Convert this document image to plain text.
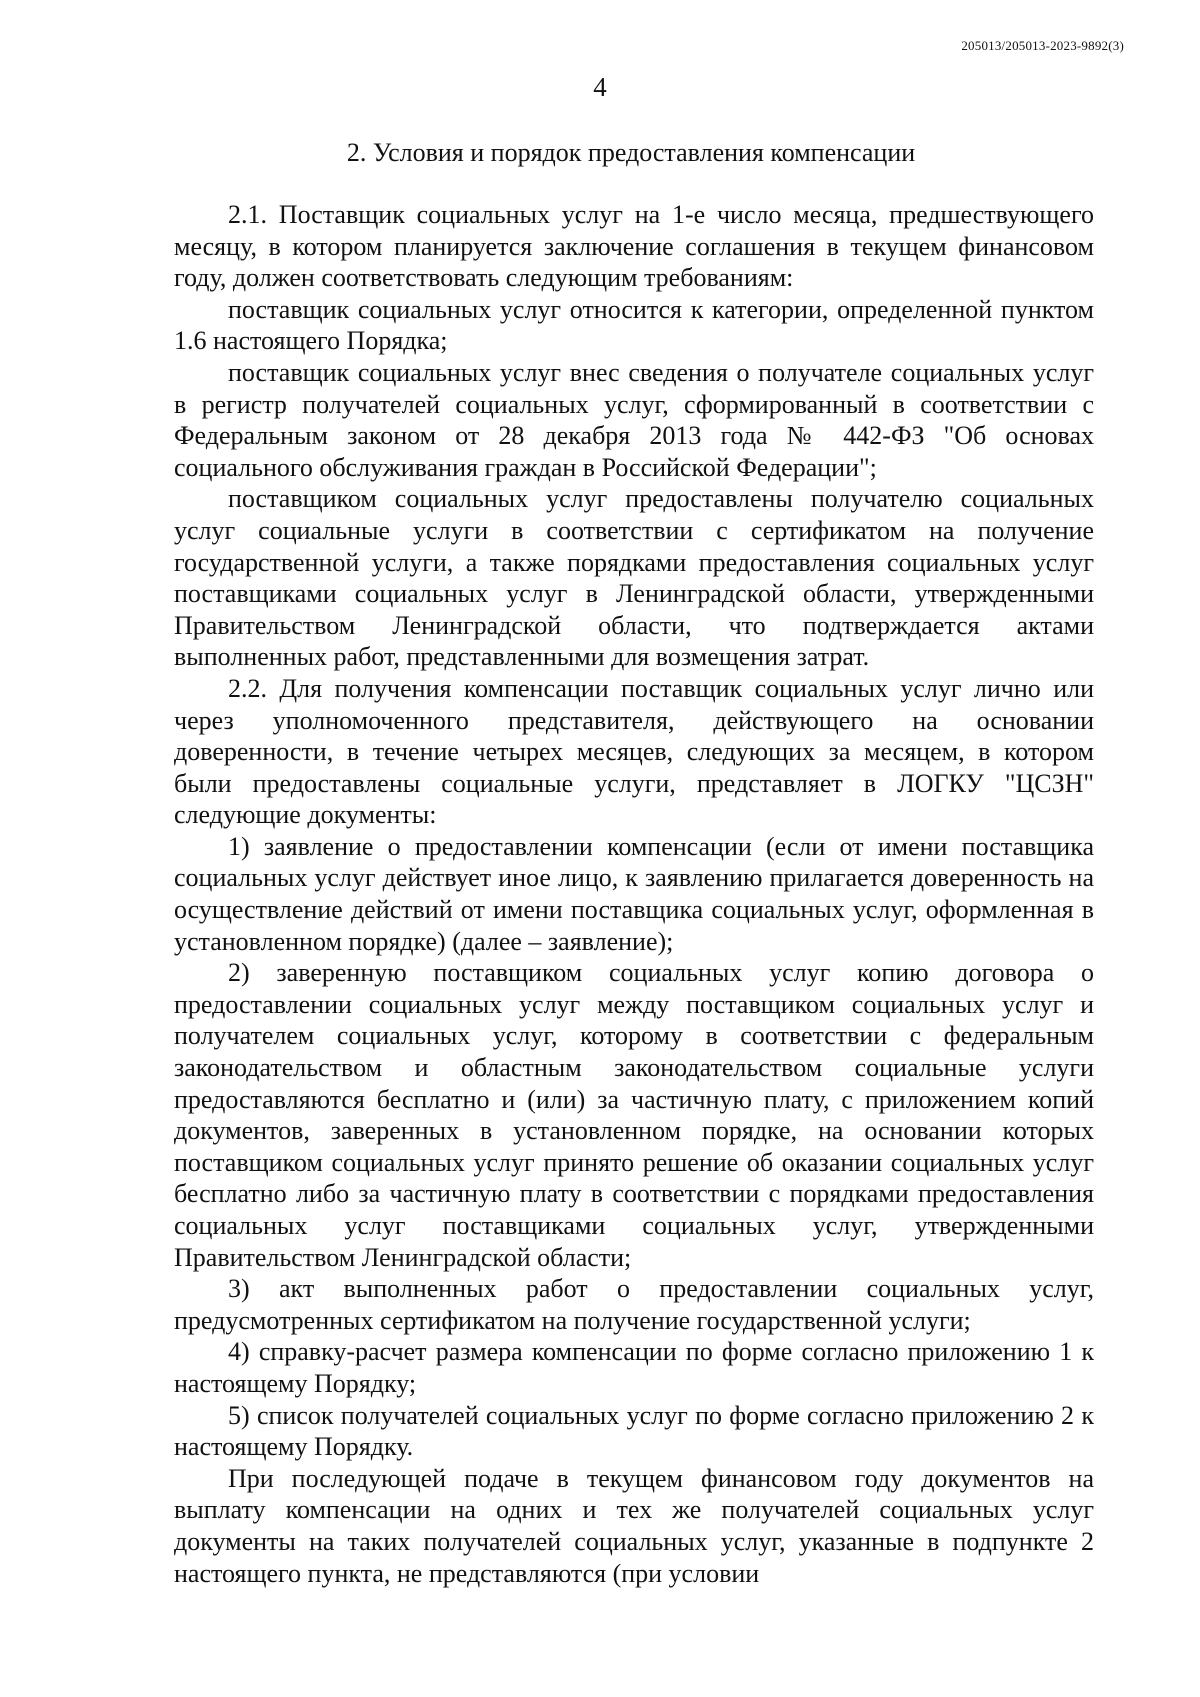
205013/205013-2023-9892(3)
4
2. Условия и порядок предоставления компенсации

2.1. Поставщик социальных услуг на 1-е число месяца, предшествующего месяцу, в котором планируется заключение соглашения в текущем финансовом году, должен соответствовать следующим требованиям:

поставщик социальных услуг относится к категории, определенной пунктом 1.6 настоящего Порядка;

поставщик социальных услуг внес сведения о получателе социальных услуг в регистр получателей социальных услуг, сформированный в соответствии с Федеральным законом от 28 декабря 2013 года № 442-ФЗ "Об основах социального обслуживания граждан в Российской Федерации";

поставщиком социальных услуг предоставлены получателю социальных услуг социальные услуги в соответствии с сертификатом на получение государственной услуги, а также порядками предоставления социальных услуг поставщиками социальных услуг в Ленинградской области, утвержденными Правительством Ленинградской области, что подтверждается актами выполненных работ, представленными для возмещения затрат.

2.2. Для получения компенсации поставщик социальных услуг лично или через уполномоченного представителя, действующего на основании доверенности, в течение четырех месяцев, следующих за месяцем, в котором были предоставлены социальные услуги, представляет в ЛОГКУ "ЦСЗН" следующие документы:

1) заявление о предоставлении компенсации (если от имени поставщика социальных услуг действует иное лицо, к заявлению прилагается доверенность на осуществление действий от имени поставщика социальных услуг, оформленная в установленном порядке) (далее – заявление);

2) заверенную поставщиком социальных услуг копию договора о предоставлении социальных услуг между поставщиком социальных услуг и получателем социальных услуг, которому в соответствии с федеральным законодательством и областным законодательством социальные услуги предоставляются бесплатно и (или) за частичную плату, с приложением копий документов, заверенных в установленном порядке, на основании которых поставщиком социальных услуг принято решение об оказании социальных услуг бесплатно либо за частичную плату в соответствии с порядками предоставления социальных услуг поставщиками социальных услуг, утвержденными Правительством Ленинградской области;

3) акт выполненных работ о предоставлении социальных услуг, предусмотренных сертификатом на получение государственной услуги;

4) справку-расчет размера компенсации по форме согласно приложению 1 к настоящему Порядку;

5) список получателей социальных услуг по форме согласно приложению 2 к настоящему Порядку.

При последующей подаче в текущем финансовом году документов на выплату компенсации на одних и тех же получателей социальных услуг документы на таких получателей социальных услуг, указанные в подпункте 2 настоящего пункта, не представляются (при условии
